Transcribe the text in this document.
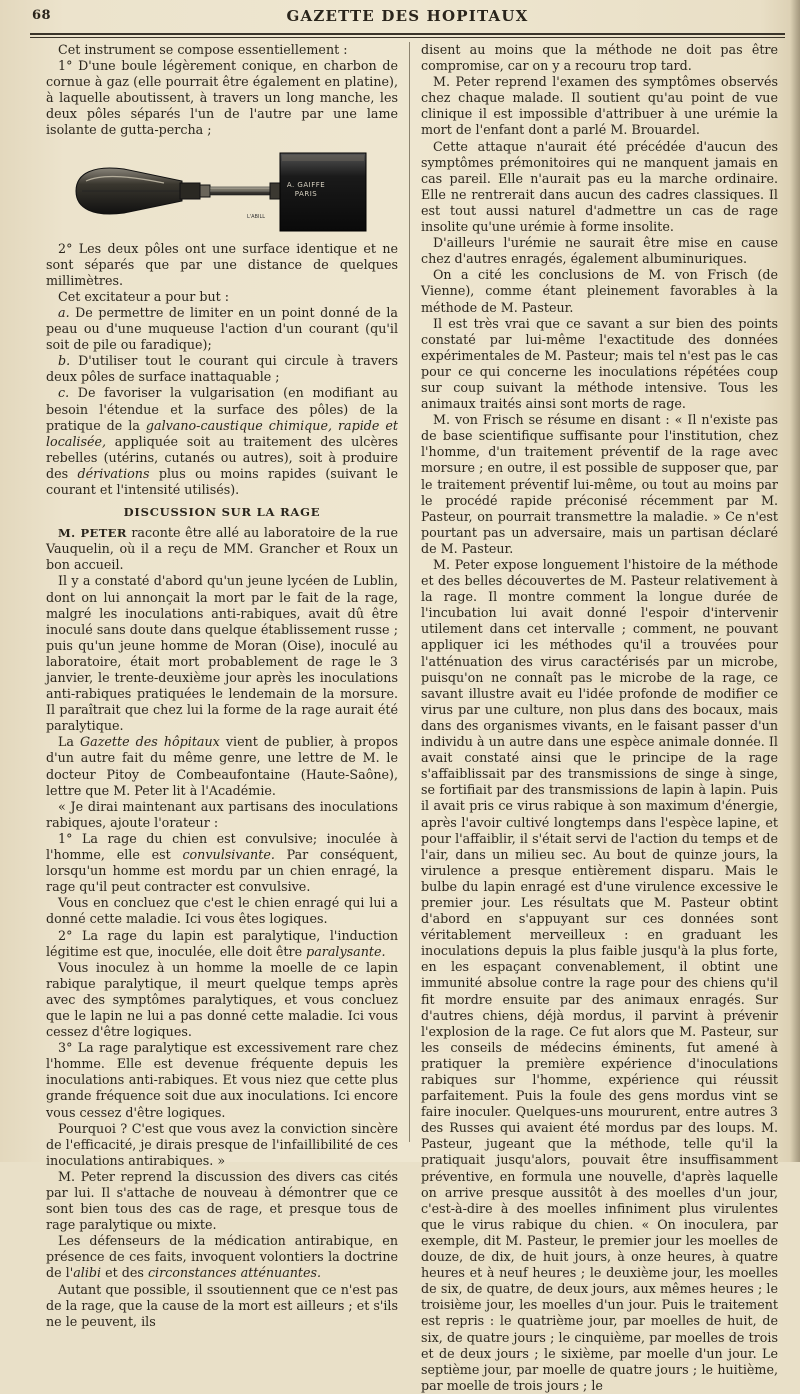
68	GAZETTE DES HOPITAUX

Cet instrument se compose essentiellement :

1° D'une boule légèrement conique, en charbon de cornue à gaz (elle pourrait être également en platine), à laquelle aboutissent, à travers un long manche, les deux pôles séparés l'un de l'autre par une lame isolante de gutta-percha ;

A. GAIFFE
PARIS
L'ABILL

2° Les deux pôles ont une surface identique et ne sont séparés que par une distance de quelques millimètres.

Cet excitateur a pour but :

a. De permettre de limiter en un point donné de la peau ou d'une muqueuse l'action d'un courant (qu'il soit de pile ou faradique);

b. D'utiliser tout le courant qui circule à travers deux pôles de surface inattaquable ;

c. De favoriser la vulgarisation (en modifiant au besoin l'étendue et la surface des pôles) de la pratique de la galvano-caustique chimique, rapide et localisée, appliquée soit au traitement des ulcères rebelles (utérins, cutanés ou autres), soit à produire des dérivations plus ou moins rapides (suivant le courant et l'intensité utilisés).

DISCUSSION SUR LA RAGE

M. PETER raconte être allé au laboratoire de la rue Vauquelin, où il a reçu de MM. Grancher et Roux un bon accueil.

Il y a constaté d'abord qu'un jeune lycéen de Lublin, dont on lui annonçait la mort par le fait de la rage, malgré les inoculations anti-rabiques, avait dû être inoculé sans doute dans quelque établissement russe ; puis qu'un jeune homme de Moran (Oise), inoculé au laboratoire, était mort probablement de rage le 3 janvier, le trente-deuxième jour après les inoculations anti-rabiques pratiquées le lendemain de la morsure. Il paraîtrait que chez lui la forme de la rage aurait été paralytique.

La Gazette des hôpitaux vient de publier, à propos d'un autre fait du même genre, une lettre de M. le docteur Pitoy de Combeaufontaine (Haute-Saône), lettre que M. Peter lit à l'Académie.

« Je dirai maintenant aux partisans des inoculations rabiques, ajoute l'orateur :

1° La rage du chien est convulsive; inoculée à l'homme, elle est convulsivante. Par conséquent, lorsqu'un homme est mordu par un chien enragé, la rage qu'il peut contracter est convulsive.

Vous en concluez que c'est le chien enragé qui lui a donné cette maladie. Ici vous êtes logiques.

2° La rage du lapin est paralytique, l'induction légitime est que, inoculée, elle doit être paralysante.

Vous inoculez à un homme la moelle de ce lapin rabique paralytique, il meurt quelque temps après avec des symptômes paralytiques, et vous concluez que le lapin ne lui a pas donné cette maladie. Ici vous cessez d'être logiques.

3° La rage paralytique est excessivement rare chez l'homme. Elle est devenue fréquente depuis les inoculations anti-rabiques. Et vous niez que cette plus grande fréquence soit due aux inoculations. Ici encore vous cessez d'être logiques.

Pourquoi ? C'est que vous avez la conviction sincère de l'efficacité, je dirais presque de l'infaillibilité de ces inoculations antirabiques. »

M. Peter reprend la discussion des divers cas cités par lui. Il s'attache de nouveau à démontrer que ce sont bien tous des cas de rage, et presque tous de rage paralytique ou mixte.

Les défenseurs de la médication antirabique, en présence de ces faits, invoquent volontiers la doctrine de l'alibi et des circonstances atténuantes.

Autant que possible, il ssoutiennent que ce n'est pas de la rage, que la cause de la mort est ailleurs ; et s'ils ne le peuvent, ils

disent au moins que la méthode ne doit pas être compromise, car on y a recouru trop tard.

M. Peter reprend l'examen des symptômes observés chez chaque malade. Il soutient qu'au point de vue clinique il est impossible d'attribuer à une urémie la mort de l'enfant dont a parlé M. Brouardel.

Cette attaque n'aurait été précédée d'aucun des symptômes prémonitoires qui ne manquent jamais en cas pareil. Elle n'aurait pas eu la marche ordinaire. Elle ne rentrerait dans aucun des cadres classiques. Il est tout aussi naturel d'admettre un cas de rage insolite qu'une urémie à forme insolite.

D'ailleurs l'urémie ne saurait être mise en cause chez d'autres enragés, également albuminuriques.

On a cité les conclusions de M. von Frisch (de Vienne), comme étant pleinement favorables à la méthode de M. Pasteur.

Il est très vrai que ce savant a sur bien des points constaté par lui-même l'exactitude des données expérimentales de M. Pasteur; mais tel n'est pas le cas pour ce qui concerne les inoculations répétées coup sur coup suivant la méthode intensive. Tous les animaux traités ainsi sont morts de rage.

M. von Frisch se résume en disant : « Il n'existe pas de base scientifique suffisante pour l'institution, chez l'homme, d'un traitement préventif de la rage avec morsure ; en outre, il est possible de supposer que, par le traitement préventif lui-même, ou tout au moins par le procédé rapide préconisé récemment par M. Pasteur, on pourrait transmettre la maladie. » Ce n'est pourtant pas un adversaire, mais un partisan déclaré de M. Pasteur.

M. Peter expose longuement l'histoire de la méthode et des belles découvertes de M. Pasteur relativement à la rage. Il montre comment la longue durée de l'incubation lui avait donné l'espoir d'intervenir utilement dans cet intervalle ; comment, ne pouvant appliquer ici les méthodes qu'il a trouvées pour l'atténuation des virus caractérisés par un microbe, puisqu'on ne connaît pas le microbe de la rage, ce savant illustre avait eu l'idée profonde de modifier ce virus par une culture, non plus dans des bocaux, mais dans des organismes vivants, en le faisant passer d'un individu à un autre dans une espèce animale donnée. Il avait constaté ainsi que le principe de la rage s'affaiblissait par des transmissions de singe à singe, se fortifiait par des transmissions de lapin à lapin. Puis il avait pris ce virus rabique à son maximum d'énergie, après l'avoir cultivé longtemps dans l'espèce lapine, et pour l'affaiblir, il s'était servi de l'action du temps et de l'air, dans un milieu sec. Au bout de quinze jours, la virulence a presque entièrement disparu. Mais le bulbe du lapin enragé est d'une virulence excessive le premier jour. Les résultats que M. Pasteur obtint d'abord en s'appuyant sur ces données sont véritablement merveilleux : en graduant les inoculations depuis la plus faible jusqu'à la plus forte, en les espaçant convenablement, il obtint une immunité absolue contre la rage pour des chiens qu'il fit mordre ensuite par des animaux enragés. Sur d'autres chiens, déjà mordus, il parvint à prévenir l'explosion de la rage. Ce fut alors que M. Pasteur, sur les conseils de médecins éminents, fut amené à pratiquer la première expérience d'inoculations rabiques sur l'homme, expérience qui réussit parfaitement. Puis la foule des gens mordus vint se faire inoculer. Quelques-uns moururent, entre autres 3 des Russes qui avaient été mordus par des loups. M. Pasteur, jugeant que la méthode, telle qu'il la pratiquait jusqu'alors, pouvait être insuffisamment préventive, en formula une nouvelle, d'après laquelle on arrive presque aussitôt à des moelles d'un jour, c'est-à-dire à des moelles infiniment plus virulentes que le virus rabique du chien. « On inoculera, par exemple, dit M. Pasteur, le premier jour les moelles de douze, de dix, de huit jours, à onze heures, à quatre heures et à neuf heures ; le deuxième jour, les moelles de six, de quatre, de deux jours, aux mêmes heures ; le troisième jour, les moelles d'un jour. Puis le traitement est repris : le quatrième jour, par moelles de huit, de six, de quatre jours ; le cinquième, par moelles de trois et de deux jours ; le sixième, par moelle d'un jour. Le septième jour, par moelle de quatre jours ; le huitième, par moelle de trois jours ; le
